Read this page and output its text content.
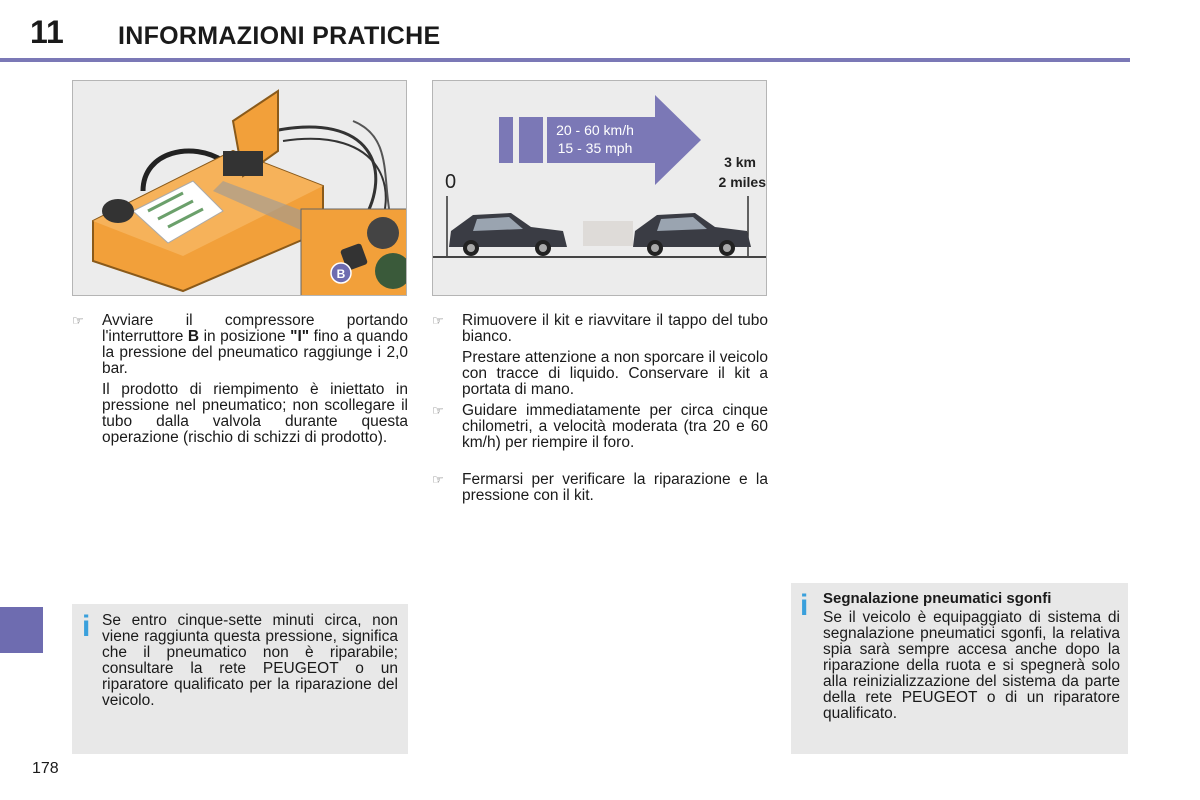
11 INFORMAZIONI PRATICHE
178
B
20 - 60 km/h
15 - 35 mph
0
3 km
2 miles
☞ Avviare il compressore portando l'interruttore B in posizione "I" fino a quando la pressione del pneumatico raggiunge i 2,0 bar.
Il prodotto di riempimento è iniettato in pressione nel pneumatico; non scollegare il tubo dalla valvola durante questa operazione (rischio di schizzi di prodotto).
☞ Rimuovere il kit e riavvitare il tappo del tubo bianco.
Prestare attenzione a non sporcare il veicolo con tracce di liquido. Conservare il kit a portata di mano.
☞ Guidare immediatamente per circa cinque chilometri, a velocità moderata (tra 20 e 60 km/h) per riempire il foro.
☞ Fermarsi per verificare la riparazione e la pressione con il kit.
i Se entro cinque-sette minuti circa, non viene raggiunta questa pressione, significa che il pneumatico non è riparabile; consultare la rete PEUGEOT o un riparatore qualificato per la riparazione del veicolo.
i Segnalazione pneumatici sgonfi
Se il veicolo è equipaggiato di sistema di segnalazione pneumatici sgonfi, la relativa spia sarà sempre accesa anche dopo la riparazione della ruota e si spegnerà solo alla reinizializzazione del sistema da parte della rete PEUGEOT o di un riparatore qualificato.
